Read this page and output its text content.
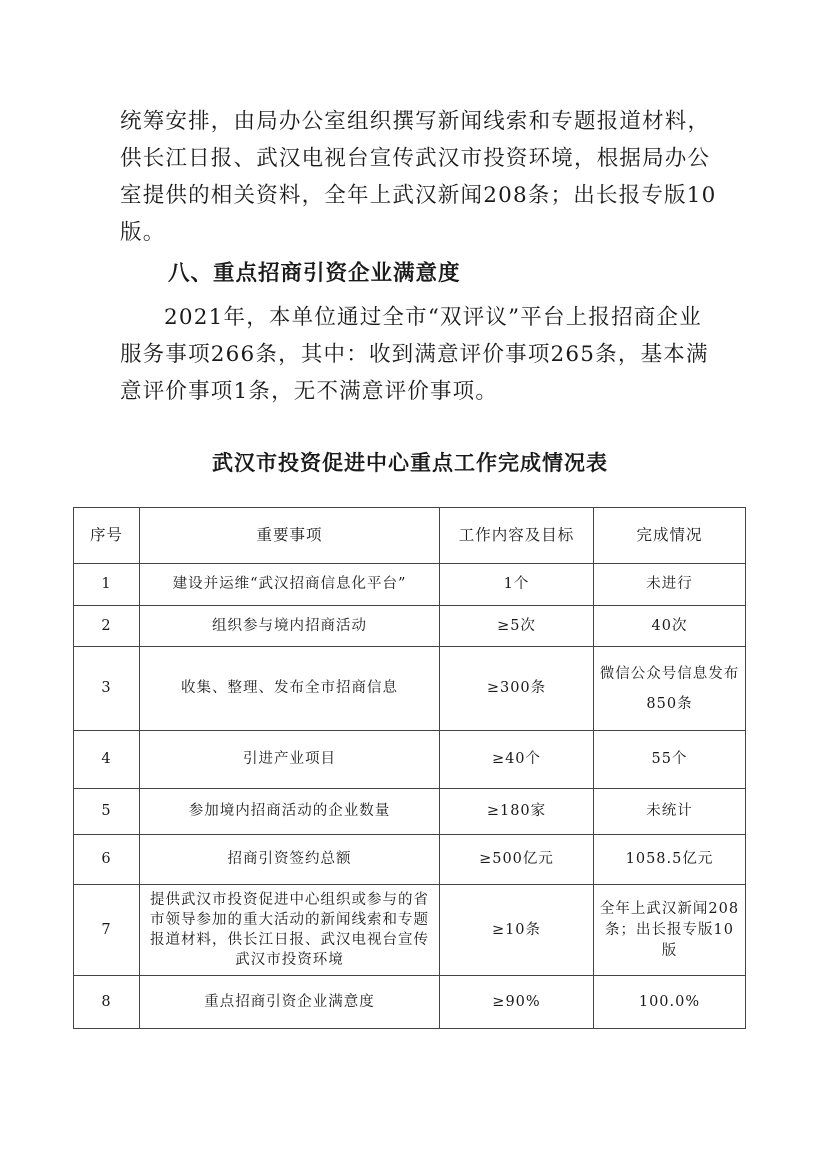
统筹安排，由局办公室组织撰写新闻线索和专题报道材料，供长江日报、武汉电视台宣传武汉市投资环境，根据局办公室提供的相关资料，全年上武汉新闻208条；出长报专版10版。

八、重点招商引资企业满意度

2021年，本单位通过全市“双评议”平台上报招商企业服务事项266条，其中：收到满意评价事项265条，基本满意评价事项1条，无不满意评价事项。

武汉市投资促进中心重点工作完成情况表

序号	重要事项	工作内容及目标	完成情况
1	建设并运维“武汉招商信息化平台”	1个	未进行
2	组织参与境内招商活动	≥5次	40次
3	收集、整理、发布全市招商信息	≥300条	微信公众号信息发布850条
4	引进产业项目	≥40个	55个
5	参加境内招商活动的企业数量	≥180家	未统计
6	招商引资签约总额	≥500亿元	1058.5亿元
7	提供武汉市投资促进中心组织或参与的省市领导参加的重大活动的新闻线索和专题报道材料，供长江日报、武汉电视台宣传武汉市投资环境	≥10条	全年上武汉新闻208条；出长报专版10版
8	重点招商引资企业满意度	≥90%	100.0%
